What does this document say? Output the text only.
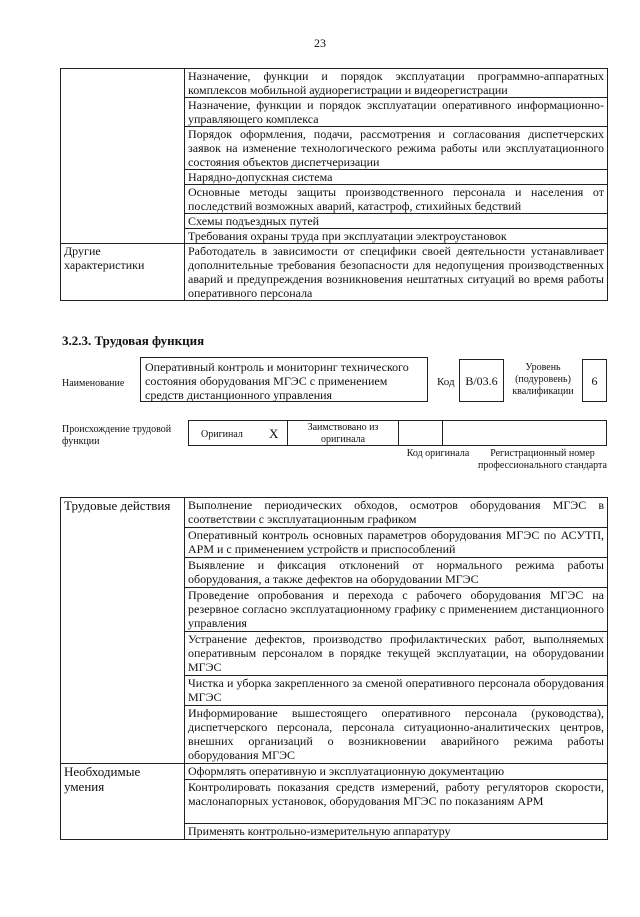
23
	Назначение, функции и порядок эксплуатации программно-аппаратных комплексов мобильной аудиорегистрации и видеорегистрации
	Назначение, функции и порядок эксплуатации оперативного информационно-управляющего комплекса
	Порядок оформления, подачи, рассмотрения и согласования диспетчерских заявок на изменение технологического режима работы или эксплуатационного состояния объектов диспетчеризации
	Нарядно-допускная система
	Основные методы защиты производственного персонала и населения от последствий возможных аварий, катастроф, стихийных бедствий
	Схемы подъездных путей
	Требования охраны труда при эксплуатации электроустановок
Другие характеристики	Работодатель в зависимости от специфики своей деятельности устанавливает дополнительные требования безопасности для недопущения производственных аварий и предупреждения возникновения нештатных ситуаций во время работы оперативного персонала
3.2.3. Трудовая функция
Наименование
Оперативный контроль и мониторинг технического состояния оборудования МГЭС с применением средств дистанционного управления
Код B/03.6
Уровень (подуровень) квалификации
6
Происхождение трудовой функции
Оригинал X	Заимствовано из оригинала
Код оригинала	Регистрационный номер профессионального стандарта
Трудовые действия	Выполнение периодических обходов, осмотров оборудования МГЭС в соответствии с эксплуатационным графиком
	Оперативный контроль основных параметров оборудования МГЭС по АСУТП, АРМ и с применением устройств и приспособлений
	Выявление и фиксация отклонений от нормального режима работы оборудования, а также дефектов на оборудовании МГЭС
	Проведение опробования и перехода с рабочего оборудования МГЭС на резервное согласно эксплуатационному графику с применением дистанционного управления
	Устранение дефектов, производство профилактических работ, выполняемых оперативным персоналом в порядке текущей эксплуатации, на оборудовании МГЭС
	Чистка и уборка закрепленного за сменой оперативного персонала оборудования МГЭС
	Информирование вышестоящего оперативного персонала (руководства), диспетчерского персонала, персонала ситуационно-аналитических центров, внешних организаций о возникновении аварийного режима работы оборудования МГЭС
Необходимые умения	Оформлять оперативную и эксплуатационную документацию
	Контролировать показания средств измерений, работу регуляторов скорости, маслонапорных установок, оборудования МГЭС по показаниям АРМ
	Применять контрольно-измерительную аппаратуру
